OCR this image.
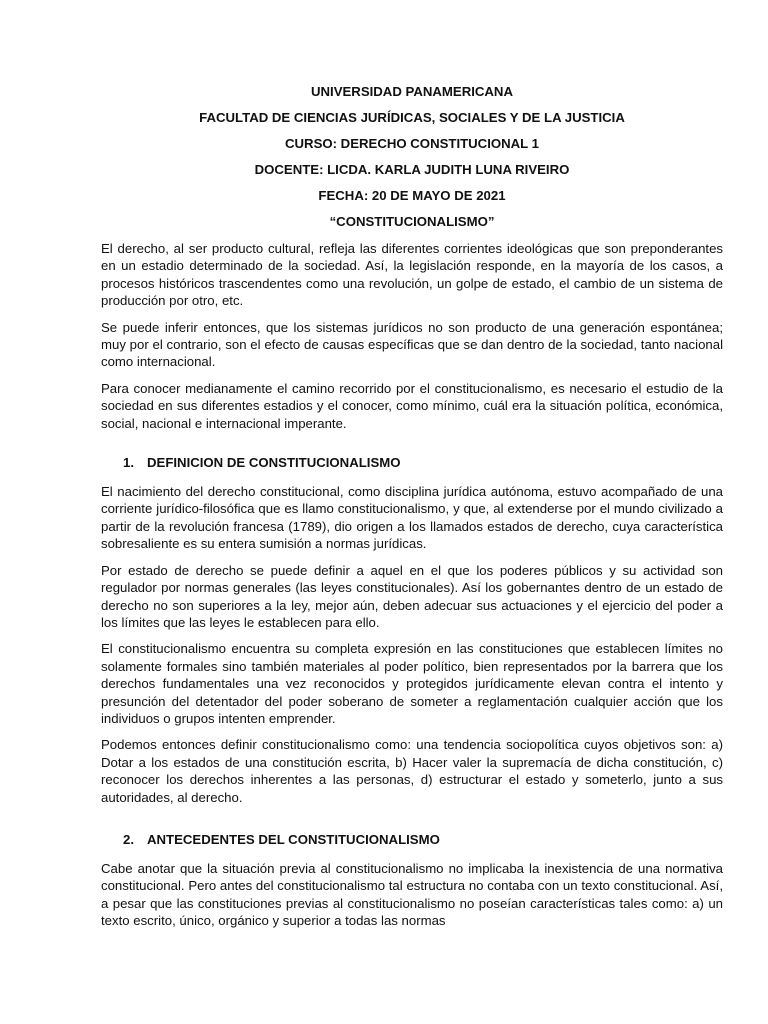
UNIVERSIDAD PANAMERICANA
FACULTAD DE CIENCIAS JURÍDICAS, SOCIALES Y DE LA JUSTICIA
CURSO: DERECHO CONSTITUCIONAL 1
DOCENTE: LICDA. KARLA JUDITH LUNA RIVEIRO
FECHA: 20 DE MAYO DE 2021
“CONSTITUCIONALISMO”

El derecho, al ser producto cultural, refleja las diferentes corrientes ideológicas que son preponderantes en un estadio determinado de la sociedad. Así, la legislación responde, en la mayoría de los casos, a procesos históricos trascendentes como una revolución, un golpe de estado, el cambio de un sistema de producción por otro, etc.

Se puede inferir entonces, que los sistemas jurídicos no son producto de una generación espontánea; muy por el contrario, son el efecto de causas específicas que se dan dentro de la sociedad, tanto nacional como internacional.

Para conocer medianamente el camino recorrido por el constitucionalismo, es necesario el estudio de la sociedad en sus diferentes estadios y el conocer, como mínimo, cuál era la situación política, económica, social, nacional e internacional imperante.

1. DEFINICION DE CONSTITUCIONALISMO

El nacimiento del derecho constitucional, como disciplina jurídica autónoma, estuvo acompañado de una corriente jurídico-filosófica que es llamo constitucionalismo, y que, al extenderse por el mundo civilizado a partir de la revolución francesa (1789), dio origen a los llamados estados de derecho, cuya característica sobresaliente es su entera sumisión a normas jurídicas.

Por estado de derecho se puede definir a aquel en el que los poderes públicos y su actividad son regulador por normas generales (las leyes constitucionales). Así los gobernantes dentro de un estado de derecho no son superiores a la ley, mejor aún, deben adecuar sus actuaciones y el ejercicio del poder a los límites que las leyes le establecen para ello.

El constitucionalismo encuentra su completa expresión en las constituciones que establecen límites no solamente formales sino también materiales al poder político, bien representados por la barrera que los derechos fundamentales una vez reconocidos y protegidos jurídicamente elevan contra el intento y presunción del detentador del poder soberano de someter a reglamentación cualquier acción que los individuos o grupos intenten emprender.

Podemos entonces definir constitucionalismo como: una tendencia sociopolítica cuyos objetivos son: a) Dotar a los estados de una constitución escrita, b) Hacer valer la supremacía de dicha constitución, c) reconocer los derechos inherentes a las personas, d) estructurar el estado y someterlo, junto a sus autoridades, al derecho.

2. ANTECEDENTES DEL CONSTITUCIONALISMO

Cabe anotar que la situación previa al constitucionalismo no implicaba la inexistencia de una normativa constitucional. Pero antes del constitucionalismo tal estructura no contaba con un texto constitucional. Así, a pesar que las constituciones previas al constitucionalismo no poseían características tales como: a) un texto escrito, único, orgánico y superior a todas las normas
